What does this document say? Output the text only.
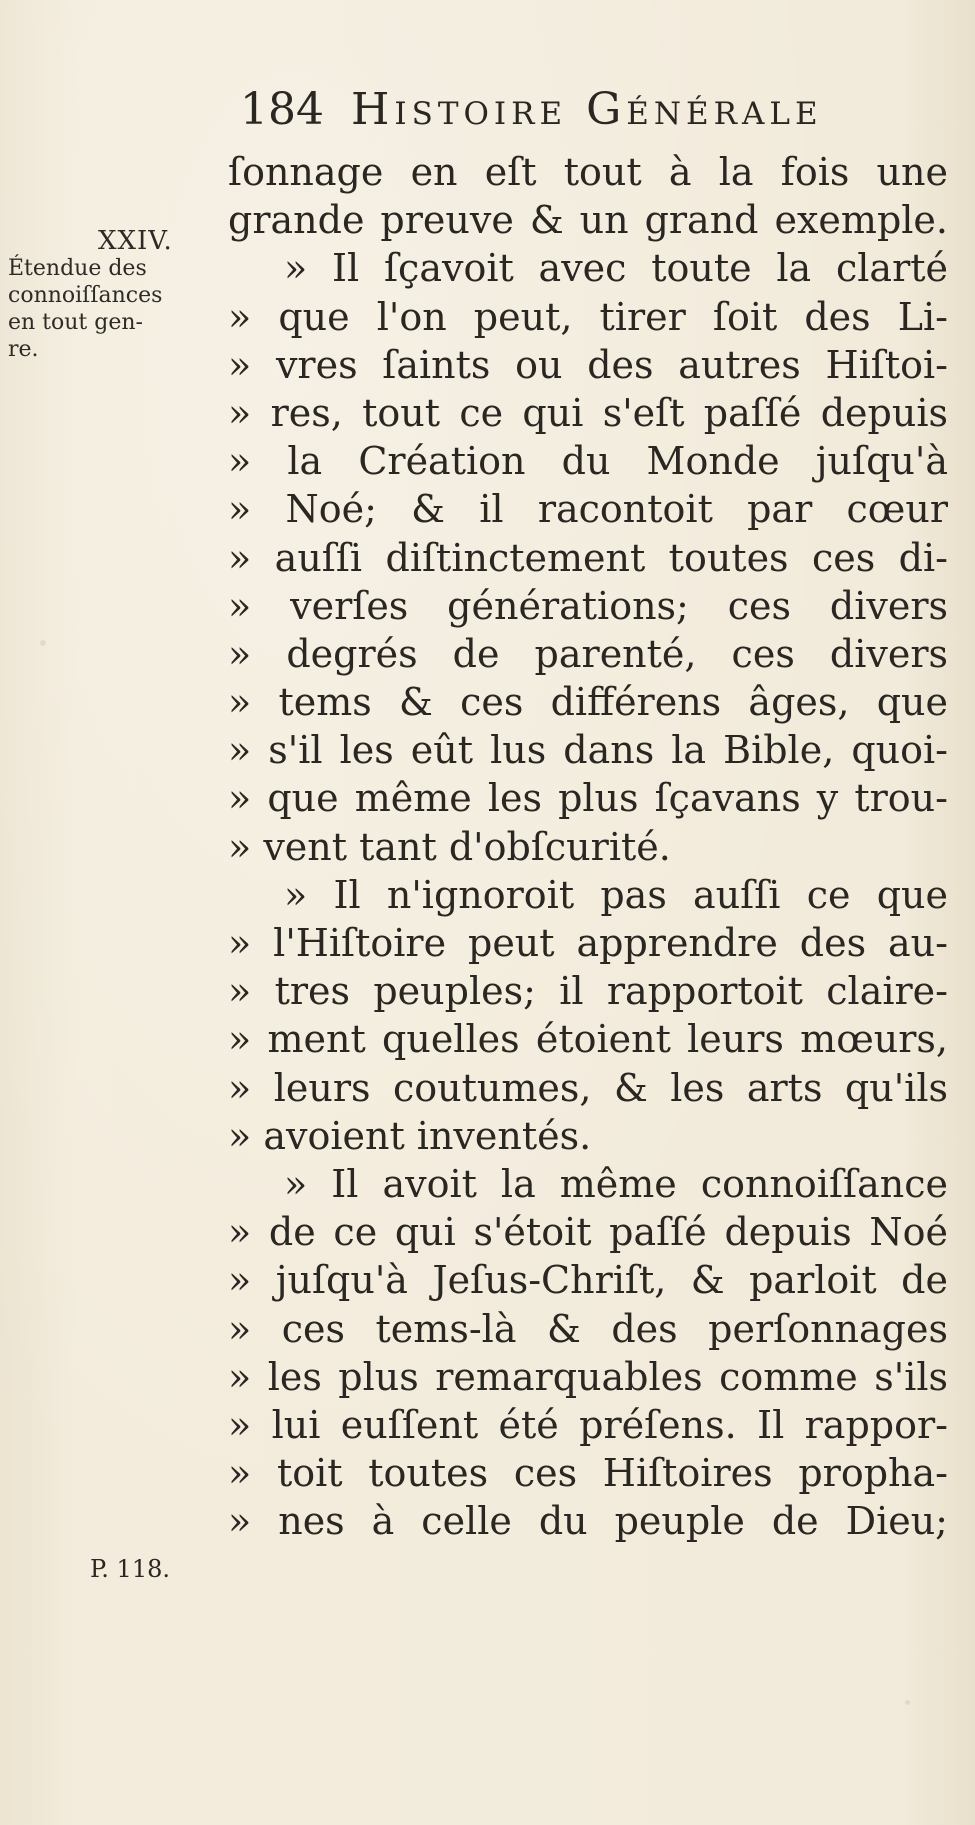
184 Histoire Générale
XXIV.
Étendue des
connoiſſances
en tout gen-
re.
P. 118.
ſonnage en eſt tout à la fois une
grande preuve & un grand exemple.
» Il ſçavoit avec toute la clarté
» que l'on peut, tirer ſoit des Li-
» vres ſaints ou des autres Hiſtoi-
» res, tout ce qui s'eſt paſſé depuis
» la Création du Monde juſqu'à
» Noé; & il racontoit par cœur
» auſſi diſtinctement toutes ces di-
» verſes générations; ces divers
» degrés de parenté, ces divers
» tems & ces différens âges, que
» s'il les eût lus dans la Bible, quoi-
» que même les plus ſçavans y trou-
» vent tant d'obſcurité.
» Il n'ignoroit pas auſſi ce que
» l'Hiſtoire peut apprendre des au-
» tres peuples; il rapportoit claire-
» ment quelles étoient leurs mœurs,
» leurs coutumes, & les arts qu'ils
» avoient inventés.
» Il avoit la même connoiſſance
» de ce qui s'étoit paſſé depuis Noé
» juſqu'à Jeſus-Chriſt, & parloit de
» ces tems-là & des perſonnages
» les plus remarquables comme s'ils
» lui euſſent été préſens. Il rappor-
» toit toutes ces Hiſtoires propha-
» nes à celle du peuple de Dieu;
